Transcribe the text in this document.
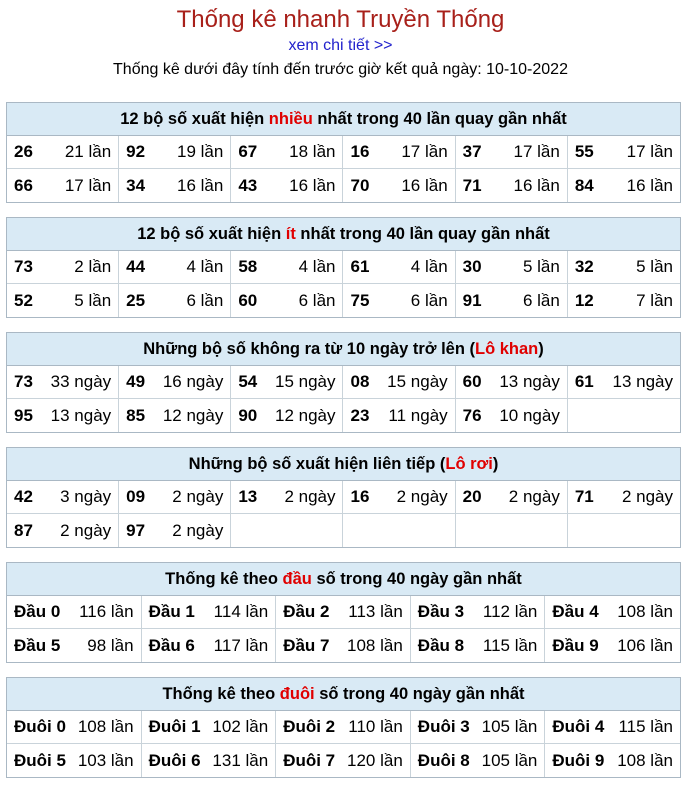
Thống kê nhanh Truyền Thống
xem chi tiết >>
Thống kê dưới đây tính đến trước giờ kết quả ngày: 10-10-2022
12 bộ số xuất hiện nhiều nhất trong 40 lần quay gần nhất
26 21 lần 92 19 lần 67 18 lần 16 17 lần 37 17 lần 55 17 lần
66 17 lần 34 16 lần 43 16 lần 70 16 lần 71 16 lần 84 16 lần
12 bộ số xuất hiện ít nhất trong 40 lần quay gần nhất
73 2 lần 44 4 lần 58 4 lần 61 4 lần 30 5 lần 32 5 lần
52 5 lần 25 6 lần 60 6 lần 75 6 lần 91 6 lần 12 7 lần
Những bộ số không ra từ 10 ngày trở lên (Lô khan)
73 33 ngày 49 16 ngày 54 15 ngày 08 15 ngày 60 13 ngày 61 13 ngày
95 13 ngày 85 12 ngày 90 12 ngày 23 11 ngày 76 10 ngày
Những bộ số xuất hiện liên tiếp (Lô rơi)
42 3 ngày 09 2 ngày 13 2 ngày 16 2 ngày 20 2 ngày 71 2 ngày
87 2 ngày 97 2 ngày
Thống kê theo đầu số trong 40 ngày gần nhất
Đầu 0 116 lần Đầu 1 114 lần Đầu 2 113 lần Đầu 3 112 lần Đầu 4 108 lần
Đầu 5 98 lần Đầu 6 117 lần Đầu 7 108 lần Đầu 8 115 lần Đầu 9 106 lần
Thống kê theo đuôi số trong 40 ngày gần nhất
Đuôi 0 108 lần Đuôi 1 102 lần Đuôi 2 110 lần Đuôi 3 105 lần Đuôi 4 115 lần
Đuôi 5 103 lần Đuôi 6 131 lần Đuôi 7 120 lần Đuôi 8 105 lần Đuôi 9 108 lần
